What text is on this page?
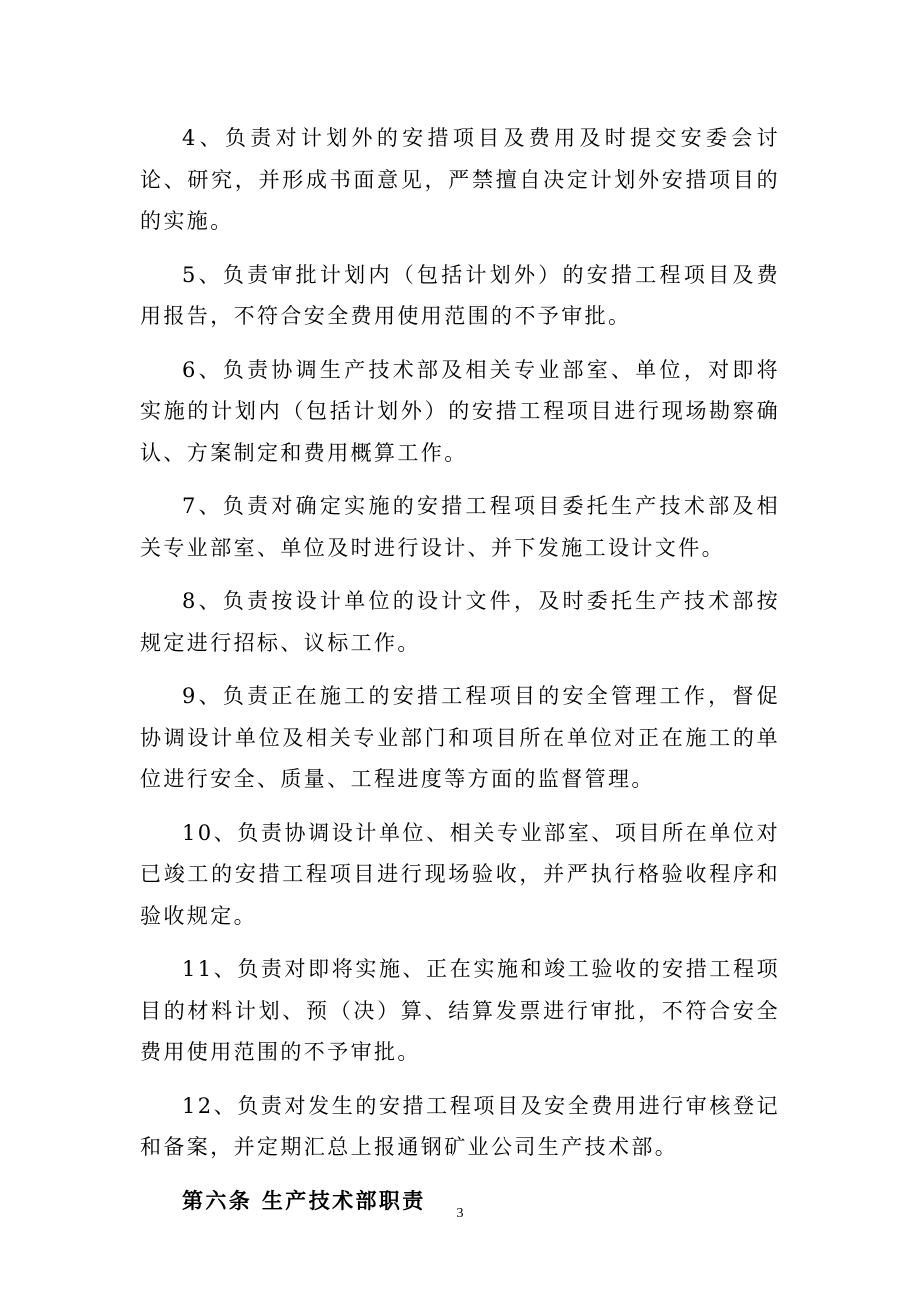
4、负责对计划外的安措项目及费用及时提交安委会讨论、研究，并形成书面意见，严禁擅自决定计划外安措项目的的实施。

5、负责审批计划内（包括计划外）的安措工程项目及费用报告，不符合安全费用使用范围的不予审批。

6、负责协调生产技术部及相关专业部室、单位，对即将实施的计划内（包括计划外）的安措工程项目进行现场勘察确认、方案制定和费用概算工作。

7、负责对确定实施的安措工程项目委托生产技术部及相关专业部室、单位及时进行设计、并下发施工设计文件。

8、负责按设计单位的设计文件，及时委托生产技术部按规定进行招标、议标工作。

9、负责正在施工的安措工程项目的安全管理工作，督促协调设计单位及相关专业部门和项目所在单位对正在施工的单位进行安全、质量、工程进度等方面的监督管理。

10、负责协调设计单位、相关专业部室、项目所在单位对已竣工的安措工程项目进行现场验收，并严执行格验收程序和验收规定。

11、负责对即将实施、正在实施和竣工验收的安措工程项目的材料计划、预（决）算、结算发票进行审批，不符合安全费用使用范围的不予审批。

12、负责对发生的安措工程项目及安全费用进行审核登记和备案，并定期汇总上报通钢矿业公司生产技术部。

第六条 生产技术部职责

3
